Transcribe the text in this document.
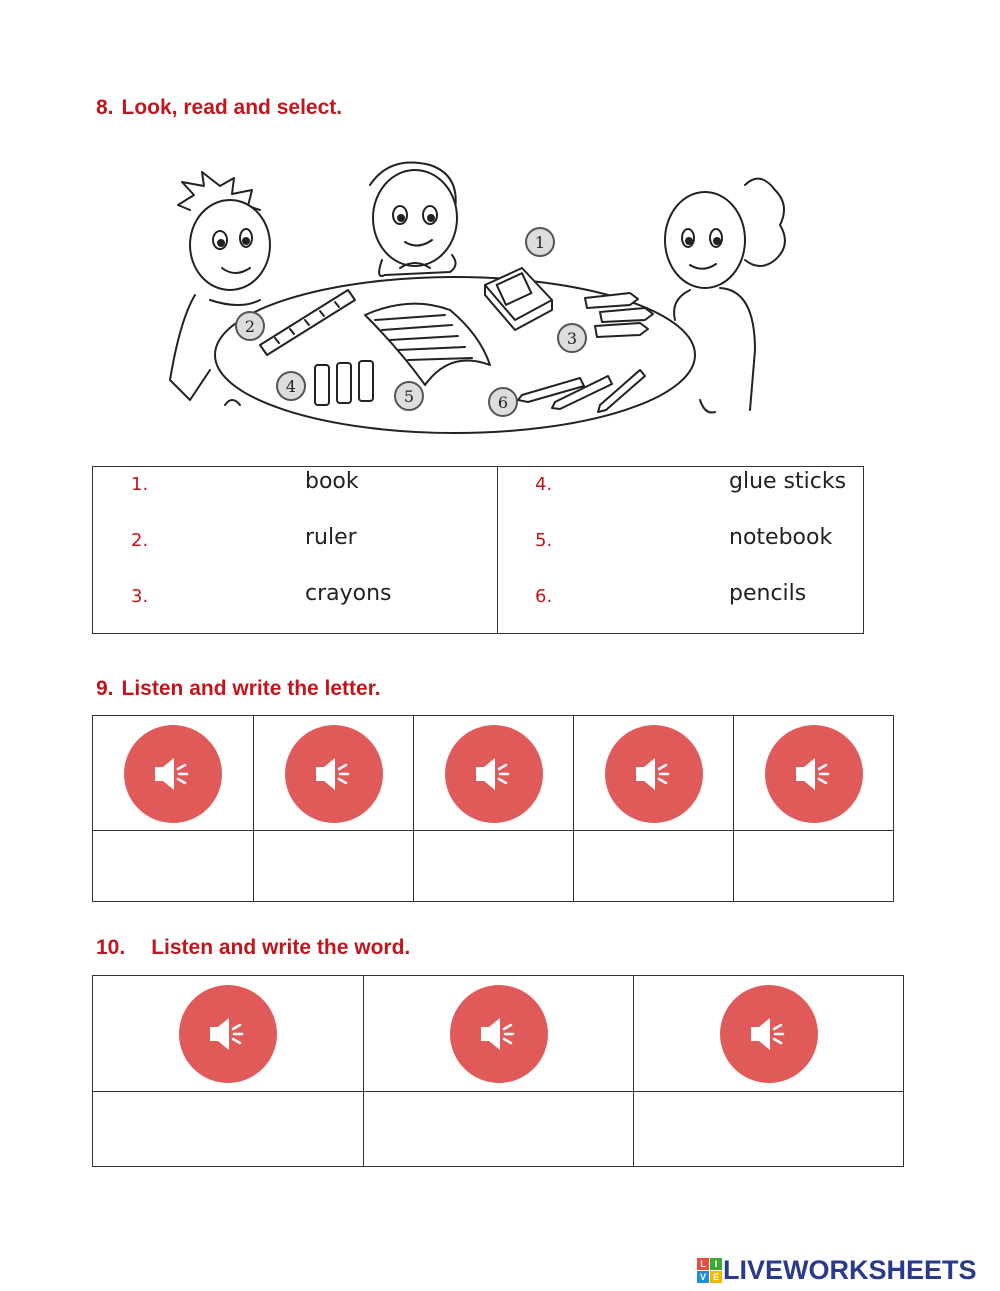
8. Look, read and select.
1
2
3
4
5	6
1.	book
2.	ruler
3.	crayons
4.	glue sticks
5.	notebook
6.	pencils
9. Listen and write the letter.
10. Listen and write the word.
L I
V E LIVEWORKSHEETS
